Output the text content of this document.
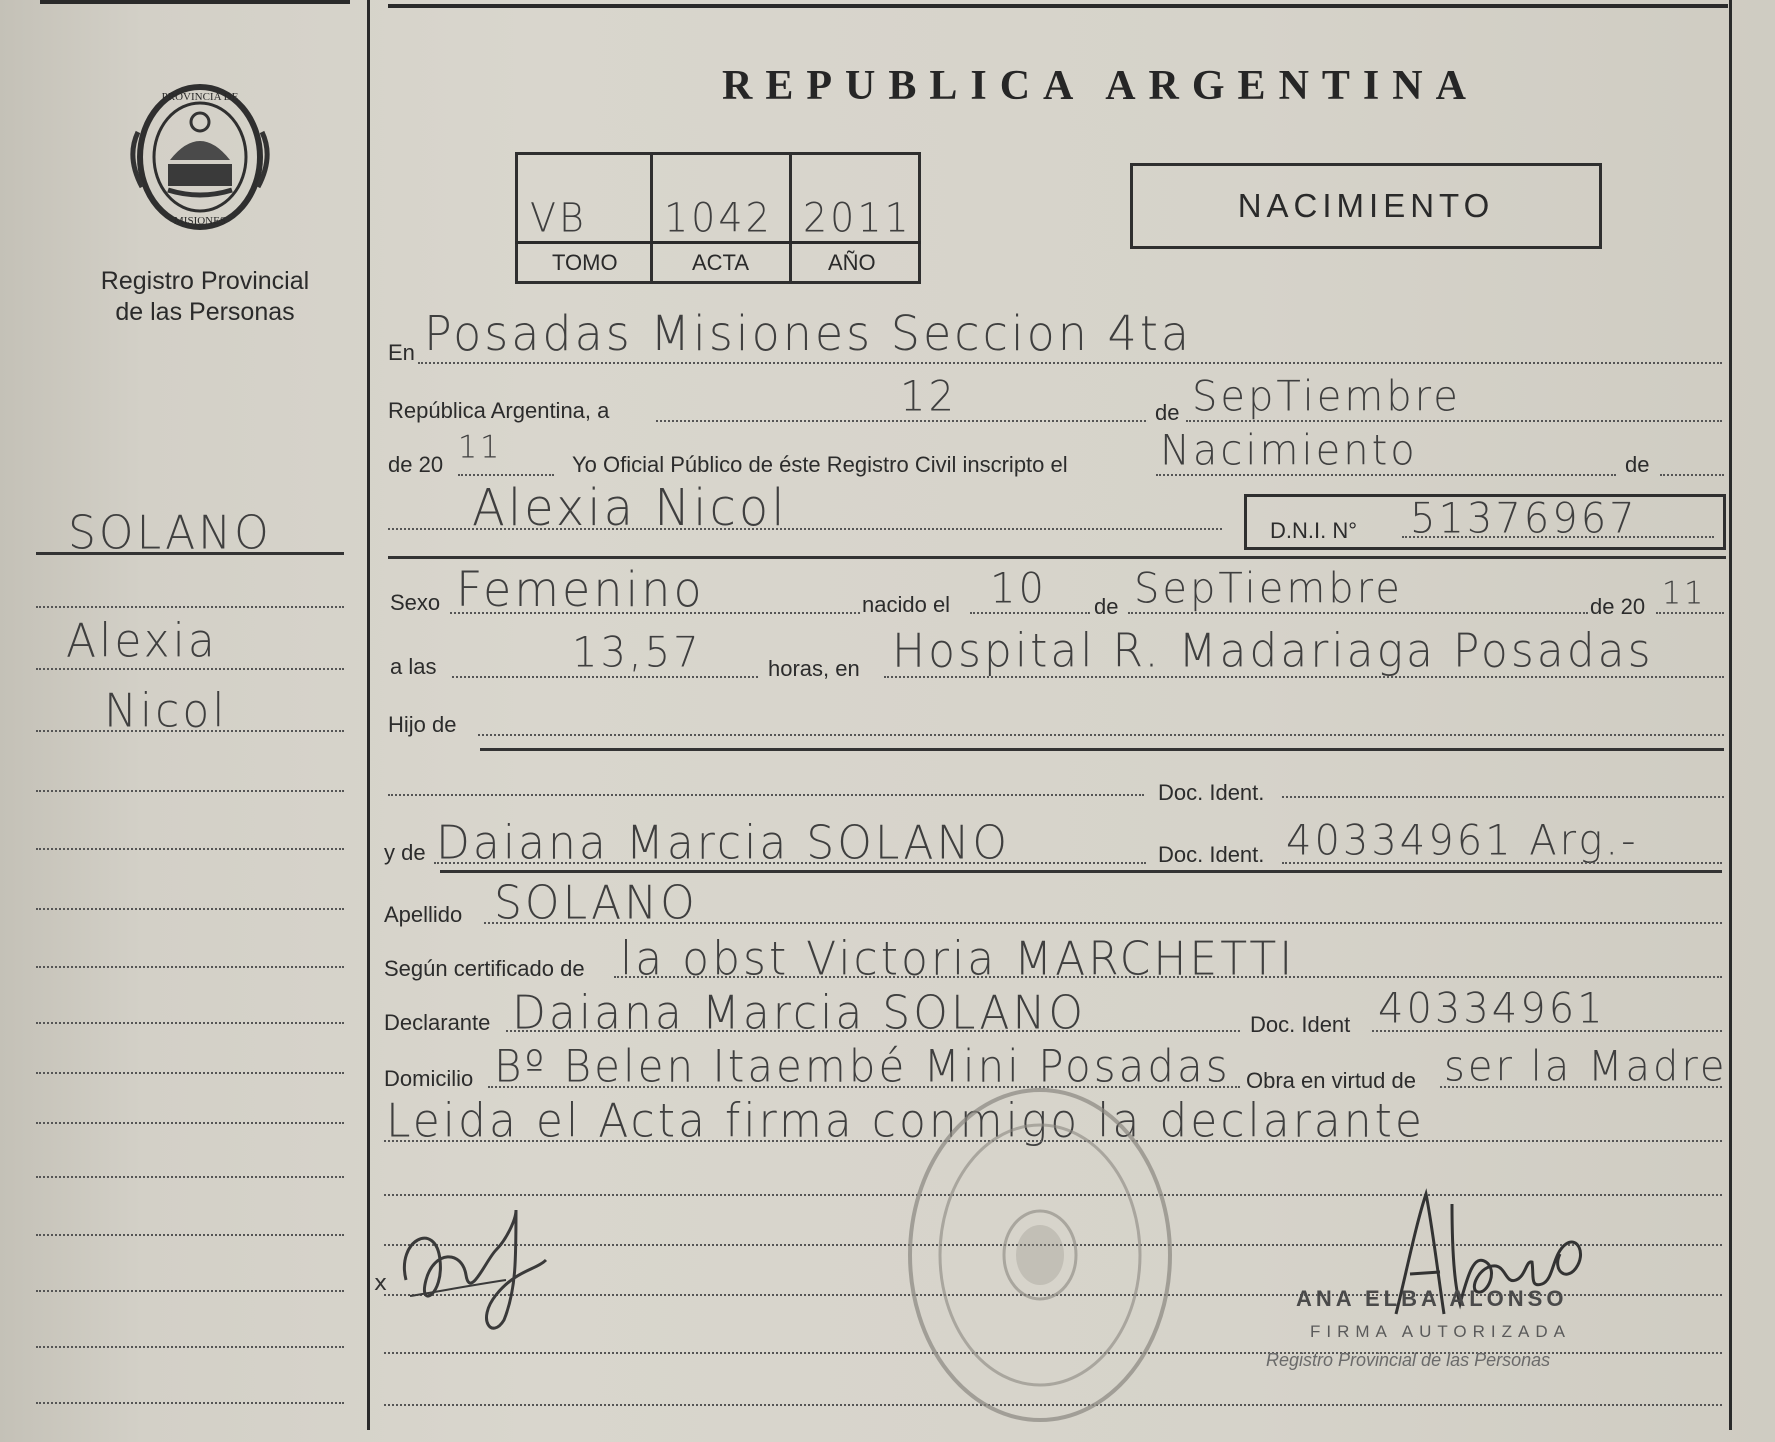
PROVINCIA DE
MISIONES
Registro Provincial
de las Personas
REPUBLICA ARGENTINA
VB 1042 2011
TOMO	ACTA	AÑO
NACIMIENTO
SOLANO
Alexia
Nicol
En Posadas Misiones Seccion 4ta
República Argentina, a	12	de SepTiembre
de 20 11	Yo Oficial Público de éste Registro Civil inscripto el Nacimiento	de
Alexia Nicol	D.N.I. N° 51376967
Sexo Femenino	nacido el 10 de SepTiembre	de 20 11
a las	13,57	horas, en Hospital R. Madariaga Posadas
Hijo de
Doc. Ident.
y de Daiana Marcia SOLANO	Doc. Ident. 40334961 Arg.-
Apellido SOLANO
Según certificado de la obst Victoria MARCHETTI
Declarante Daiana Marcia SOLANO	Doc. Ident 40334961
Domicilio Bº Belen Itaembé Mini Posadas Obra en virtud de ser la Madre
Leida el Acta firma conmigo la declarante
x
ANA ELBA ALONSO
FIRMA AUTORIZADA
Registro Provincial de las Personas
